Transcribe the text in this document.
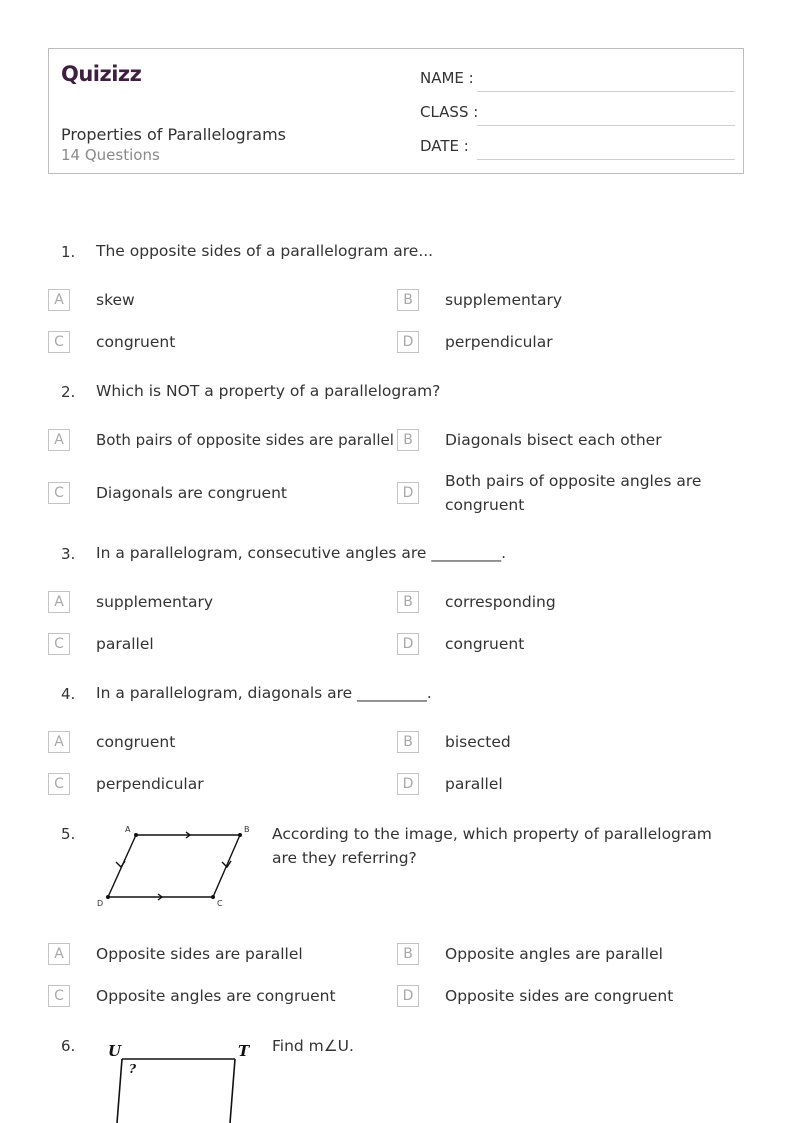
Quizizz
Properties of Parallelograms
14 Questions
NAME :
CLASS :
DATE :
1. The opposite sides of a parallelogram are...
A	skew	B	supplementary
C	congruent	D	perpendicular
2. Which is NOT a property of a parallelogram?
A	Both pairs of opposite sides are parallel B	Diagonals bisect each other
C	Diagonals are congruent	D
Both pairs of opposite angles are congruent
3. In a parallelogram, consecutive angles are _________.
A	supplementary	B	corresponding
C	parallel	D	congruent
4. In a parallelogram, diagonals are _________.
A	congruent	B	bisected
C	perpendicular	D	parallel
5.	A	B
C
D
According to the image, which property of parallelogram are they referring?
A	Opposite sides are parallel	B	Opposite angles are parallel
C	Opposite angles are congruent	D	Opposite sides are congruent
6. U	T
?
Find m∠U.
